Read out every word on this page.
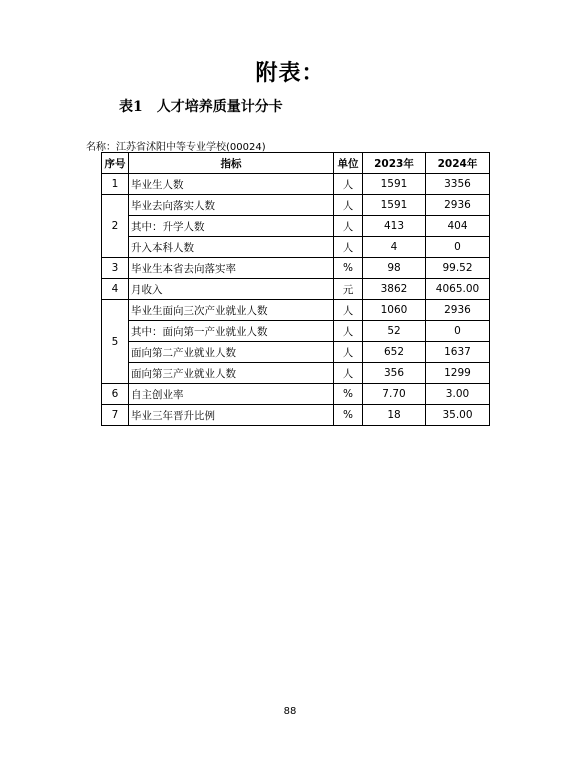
附表：
表1　人才培养质量计分卡
名称：江苏省沭阳中等专业学校(00024)
序号	指标	单位	2023年	2024年
1	毕业生人数	人	1591	3356
2	毕业去向落实人数	人	1591	2936
	其中：升学人数	人	413	404
	升入本科人数	人	4	0
3	毕业生本省去向落实率	%	98	99.52
4	月收入	元	3862	4065.00
5	毕业生面向三次产业就业人数	人	1060	2936
	其中：面向第一产业就业人数	人	52	0
	面向第二产业就业人数	人	652	1637
	面向第三产业就业人数	人	356	1299
6	自主创业率	%	7.70	3.00
7	毕业三年晋升比例	%	18	35.00
88
